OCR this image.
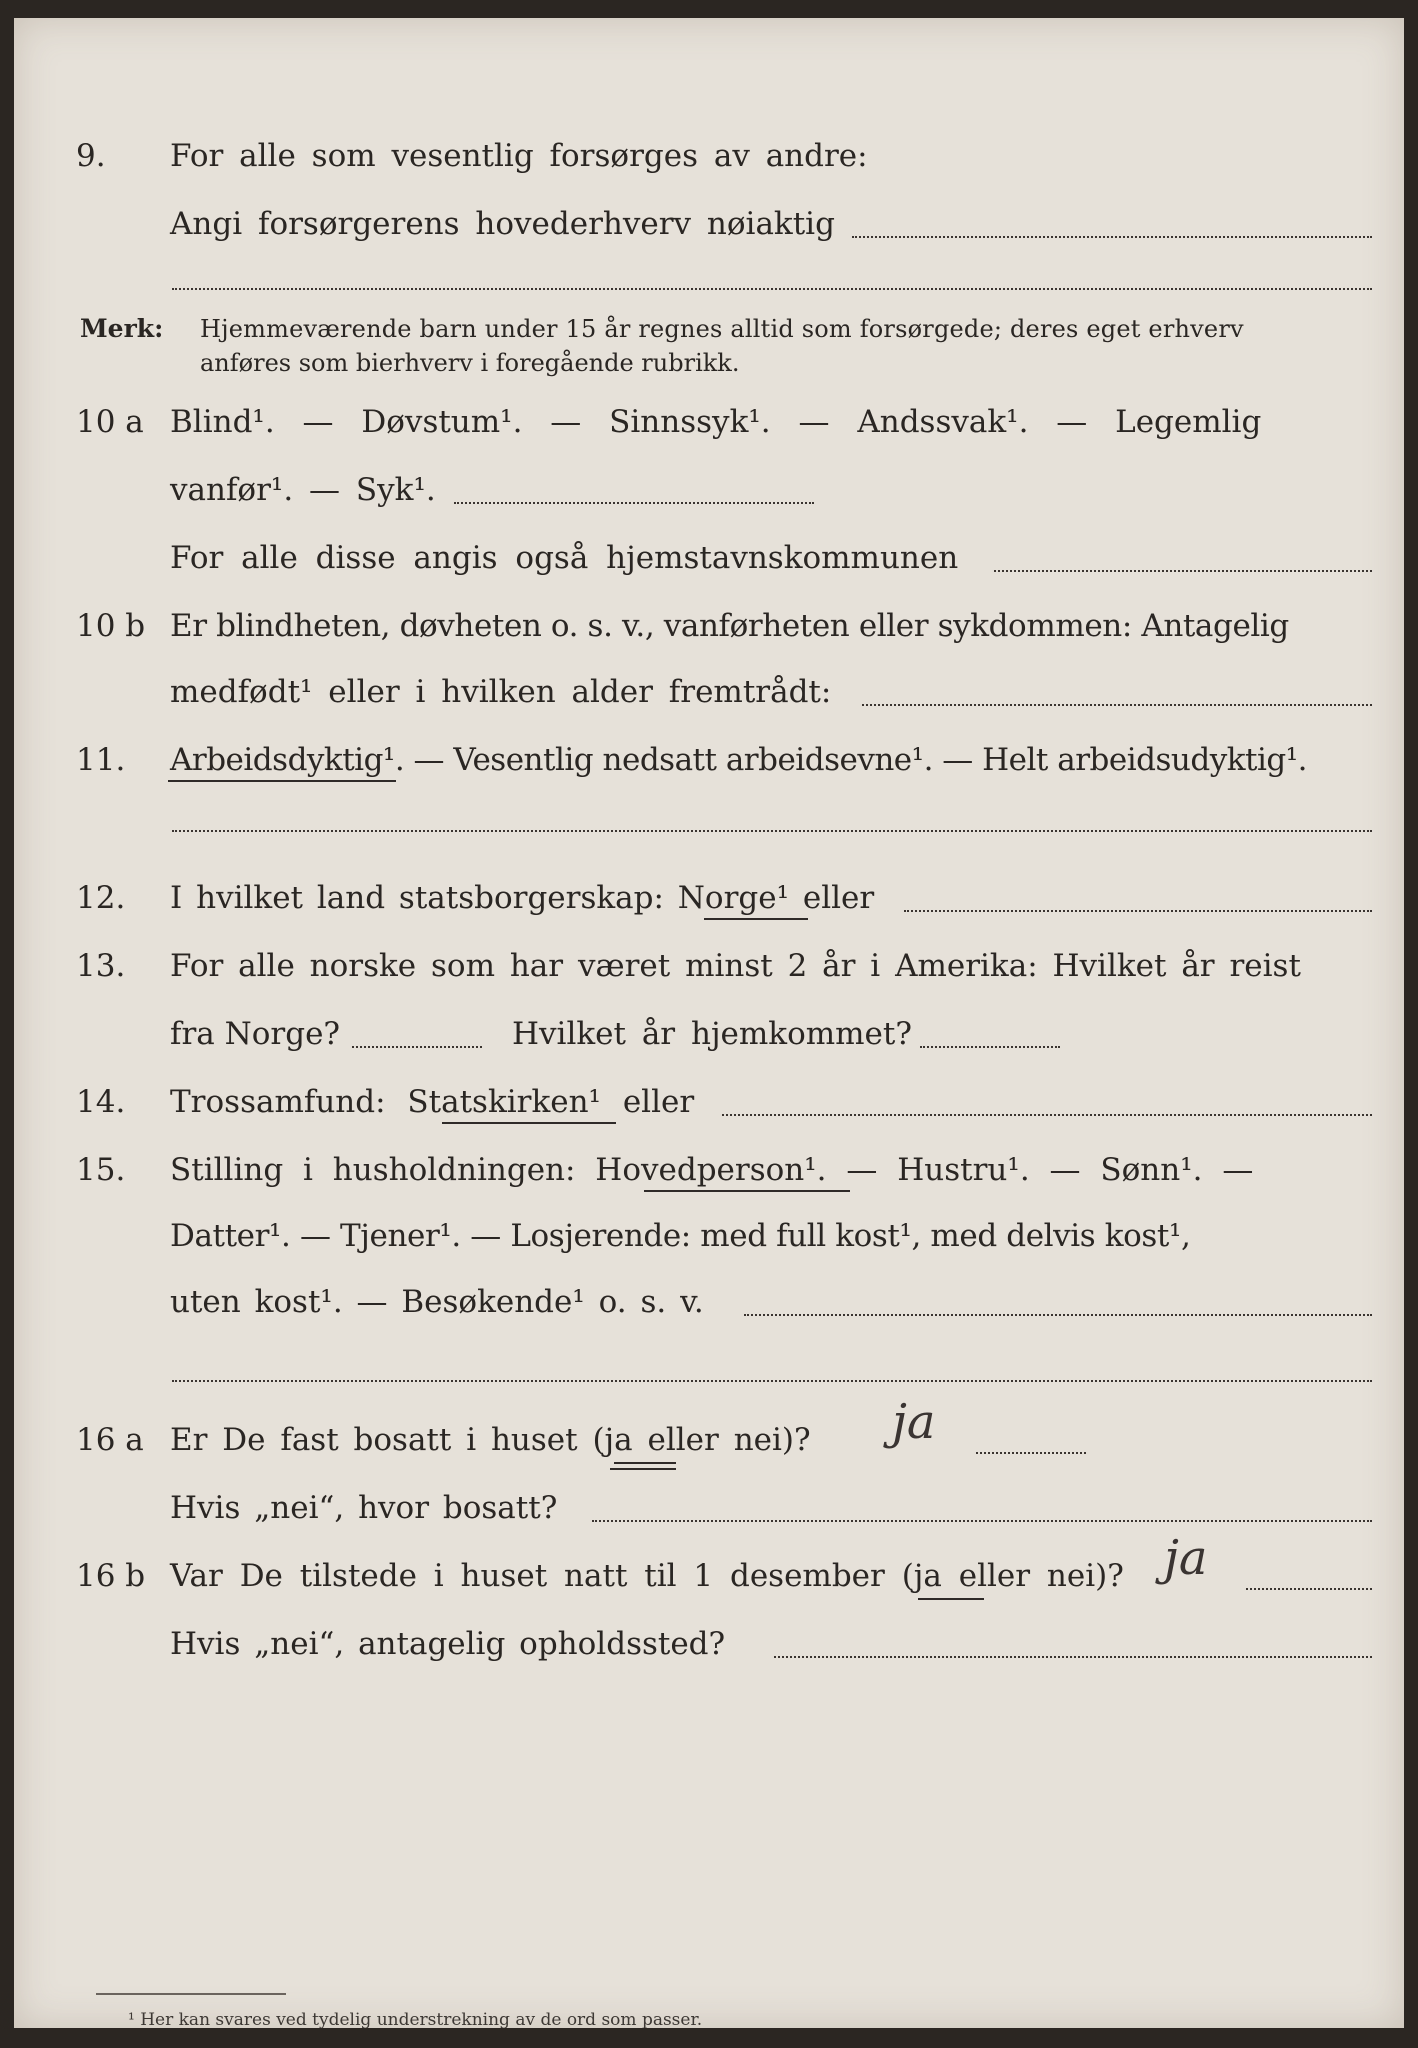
9. For alle som vesentlig forsørges av andre:
Angi forsørgerens hovederhverv nøiaktig
Merk: Hjemmeværende barn under 15 år regnes alltid som forsørgede; deres eget erhverv
anføres som bierhverv i foregående rubrikk.
10 a Blind¹. — Døvstum¹. — Sinnssyk¹. — Andssvak¹. — Legemlig
vanfør¹. — Syk¹.
For alle disse angis også hjemstavnskommunen
10 b Er blindheten, døvheten o. s. v., vanførheten eller sykdommen: Antagelig
medfødt¹ eller i hvilken alder fremtrådt:
11. Arbeidsdyktig¹. — Vesentlig nedsatt arbeidsevne¹. — Helt arbeidsudyktig¹.
12. I hvilket land statsborgerskap: Norge¹ eller
13. For alle norske som har været minst 2 år i Amerika: Hvilket år reist
fra Norge?	Hvilket år hjemkommet?
14. Trossamfund: Statskirken¹ eller
15. Stilling i husholdningen: Hovedperson¹. — Hustru¹. — Sønn¹. —
Datter¹. — Tjener¹. — Losjerende: med full kost¹, med delvis kost¹,
uten kost¹. — Besøkende¹ o. s. v.
16 a Er De fast bosatt i huset (ja eller nei)? ja
Hvis „nei“, hvor bosatt?
16 b Var De tilstede i huset natt til 1 desember (ja eller nei)? ja
Hvis „nei“, antagelig opholdssted?
¹ Her kan svares ved tydelig understrekning av de ord som passer.
